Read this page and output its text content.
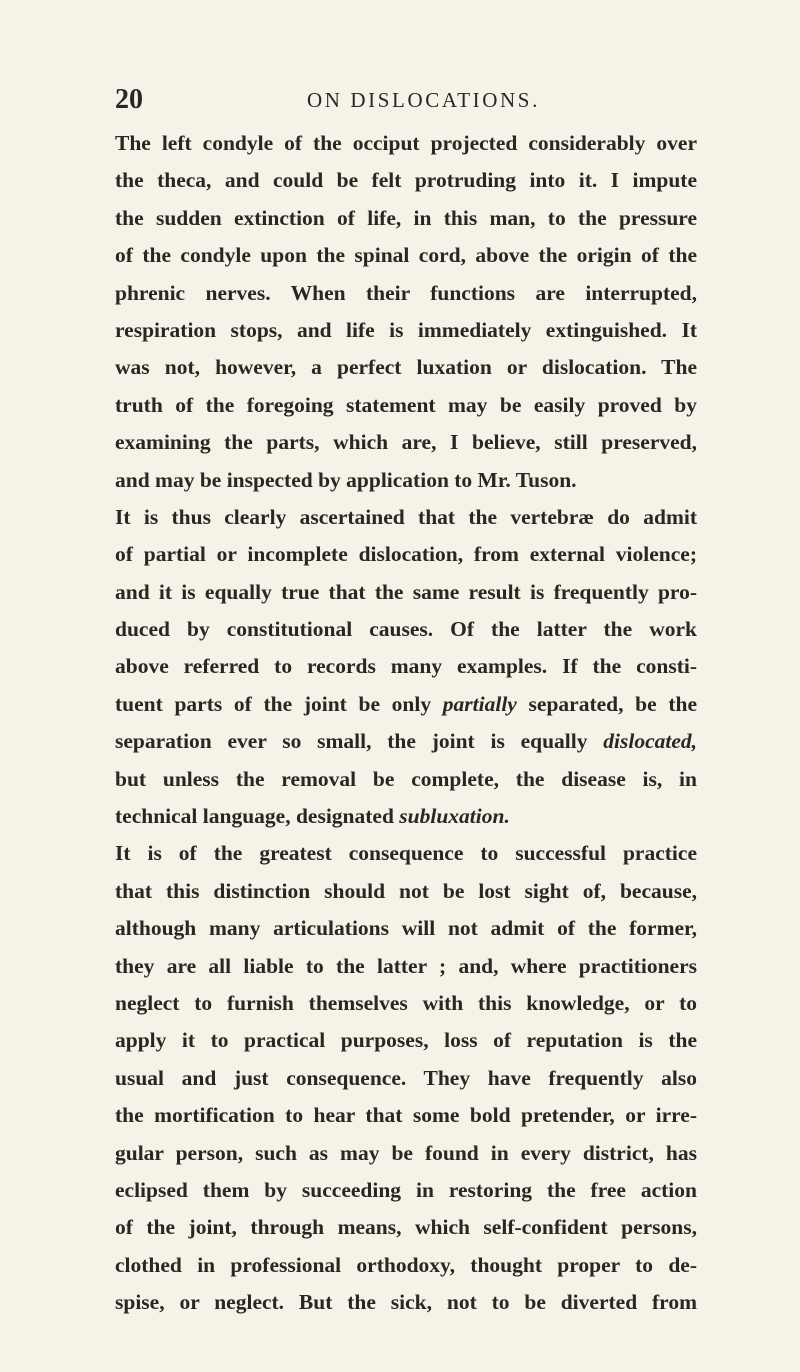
20	ON DISLOCATIONS.
The left condyle of the occiput projected considerably over
the theca, and could be felt protruding into it. I impute
the sudden extinction of life, in this man, to the pressure
of the condyle upon the spinal cord, above the origin of the
phrenic nerves. When their functions are interrupted,
respiration stops, and life is immediately extinguished. It
was not, however, a perfect luxation or dislocation. The
truth of the foregoing statement may be easily proved by
examining the parts, which are, I believe, still preserved,
and may be inspected by application to Mr. Tuson.
It is thus clearly ascertained that the vertebræ do admit
of partial or incomplete dislocation, from external violence;
and it is equally true that the same result is frequently pro-
duced by constitutional causes. Of the latter the work
above referred to records many examples. If the consti-
tuent parts of the joint be only partially separated, be the
separation ever so small, the joint is equally dislocated,
but unless the removal be complete, the disease is, in
technical language, designated subluxation.
It is of the greatest consequence to successful practice
that this distinction should not be lost sight of, because,
although many articulations will not admit of the former,
they are all liable to the latter ; and, where practitioners
neglect to furnish themselves with this knowledge, or to
apply it to practical purposes, loss of reputation is the
usual and just consequence. They have frequently also
the mortification to hear that some bold pretender, or irre-
gular person, such as may be found in every district, has
eclipsed them by succeeding in restoring the free action
of the joint, through means, which self-confident persons,
clothed in professional orthodoxy, thought proper to de-
spise, or neglect. But the sick, not to be diverted from
